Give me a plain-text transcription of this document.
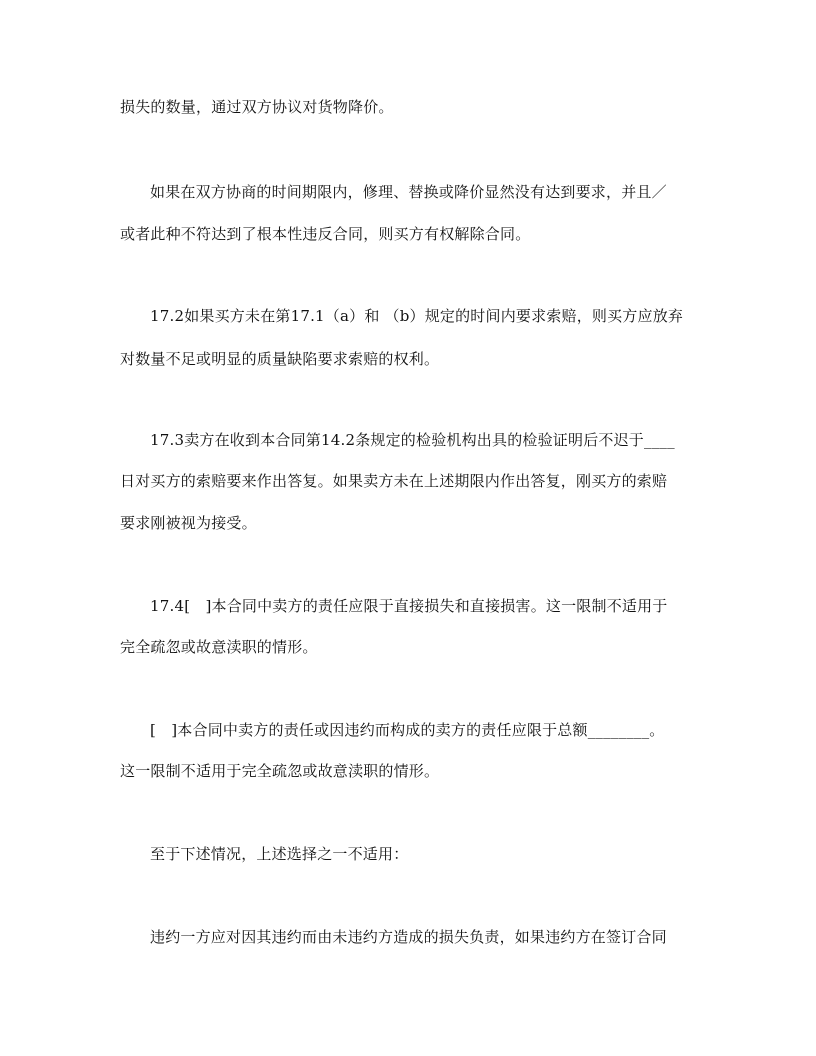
损失的数量，通过双方协议对货物降价。
如果在双方协商的时间期限内，修理、替换或降价显然没有达到要求，并且／
或者此种不符达到了根本性违反合同，则买方有权解除合同。
17.2如果买方未在第17.1（a）和 （b）规定的时间内要求索赔，则买方应放弃
对数量不足或明显的质量缺陷要求索赔的权利。
17.3卖方在收到本合同第14.2条规定的检验机构出具的检验证明后不迟于____
日对买方的索赔要来作出答复。如果卖方未在上述期限内作出答复，刚买方的索赔
要求刚被视为接受。
17.4[　]本合同中卖方的责任应限于直接损失和直接损害。这一限制不适用于
完全疏忽或故意渎职的情形。
[　]本合同中卖方的责任或因违约而构成的卖方的责任应限于总额________。
这一限制不适用于完全疏忽或故意渎职的情形。
至于下述情况，上述选择之一不适用：
违约一方应对因其违约而由未违约方造成的损失负责，如果违约方在签订合同
